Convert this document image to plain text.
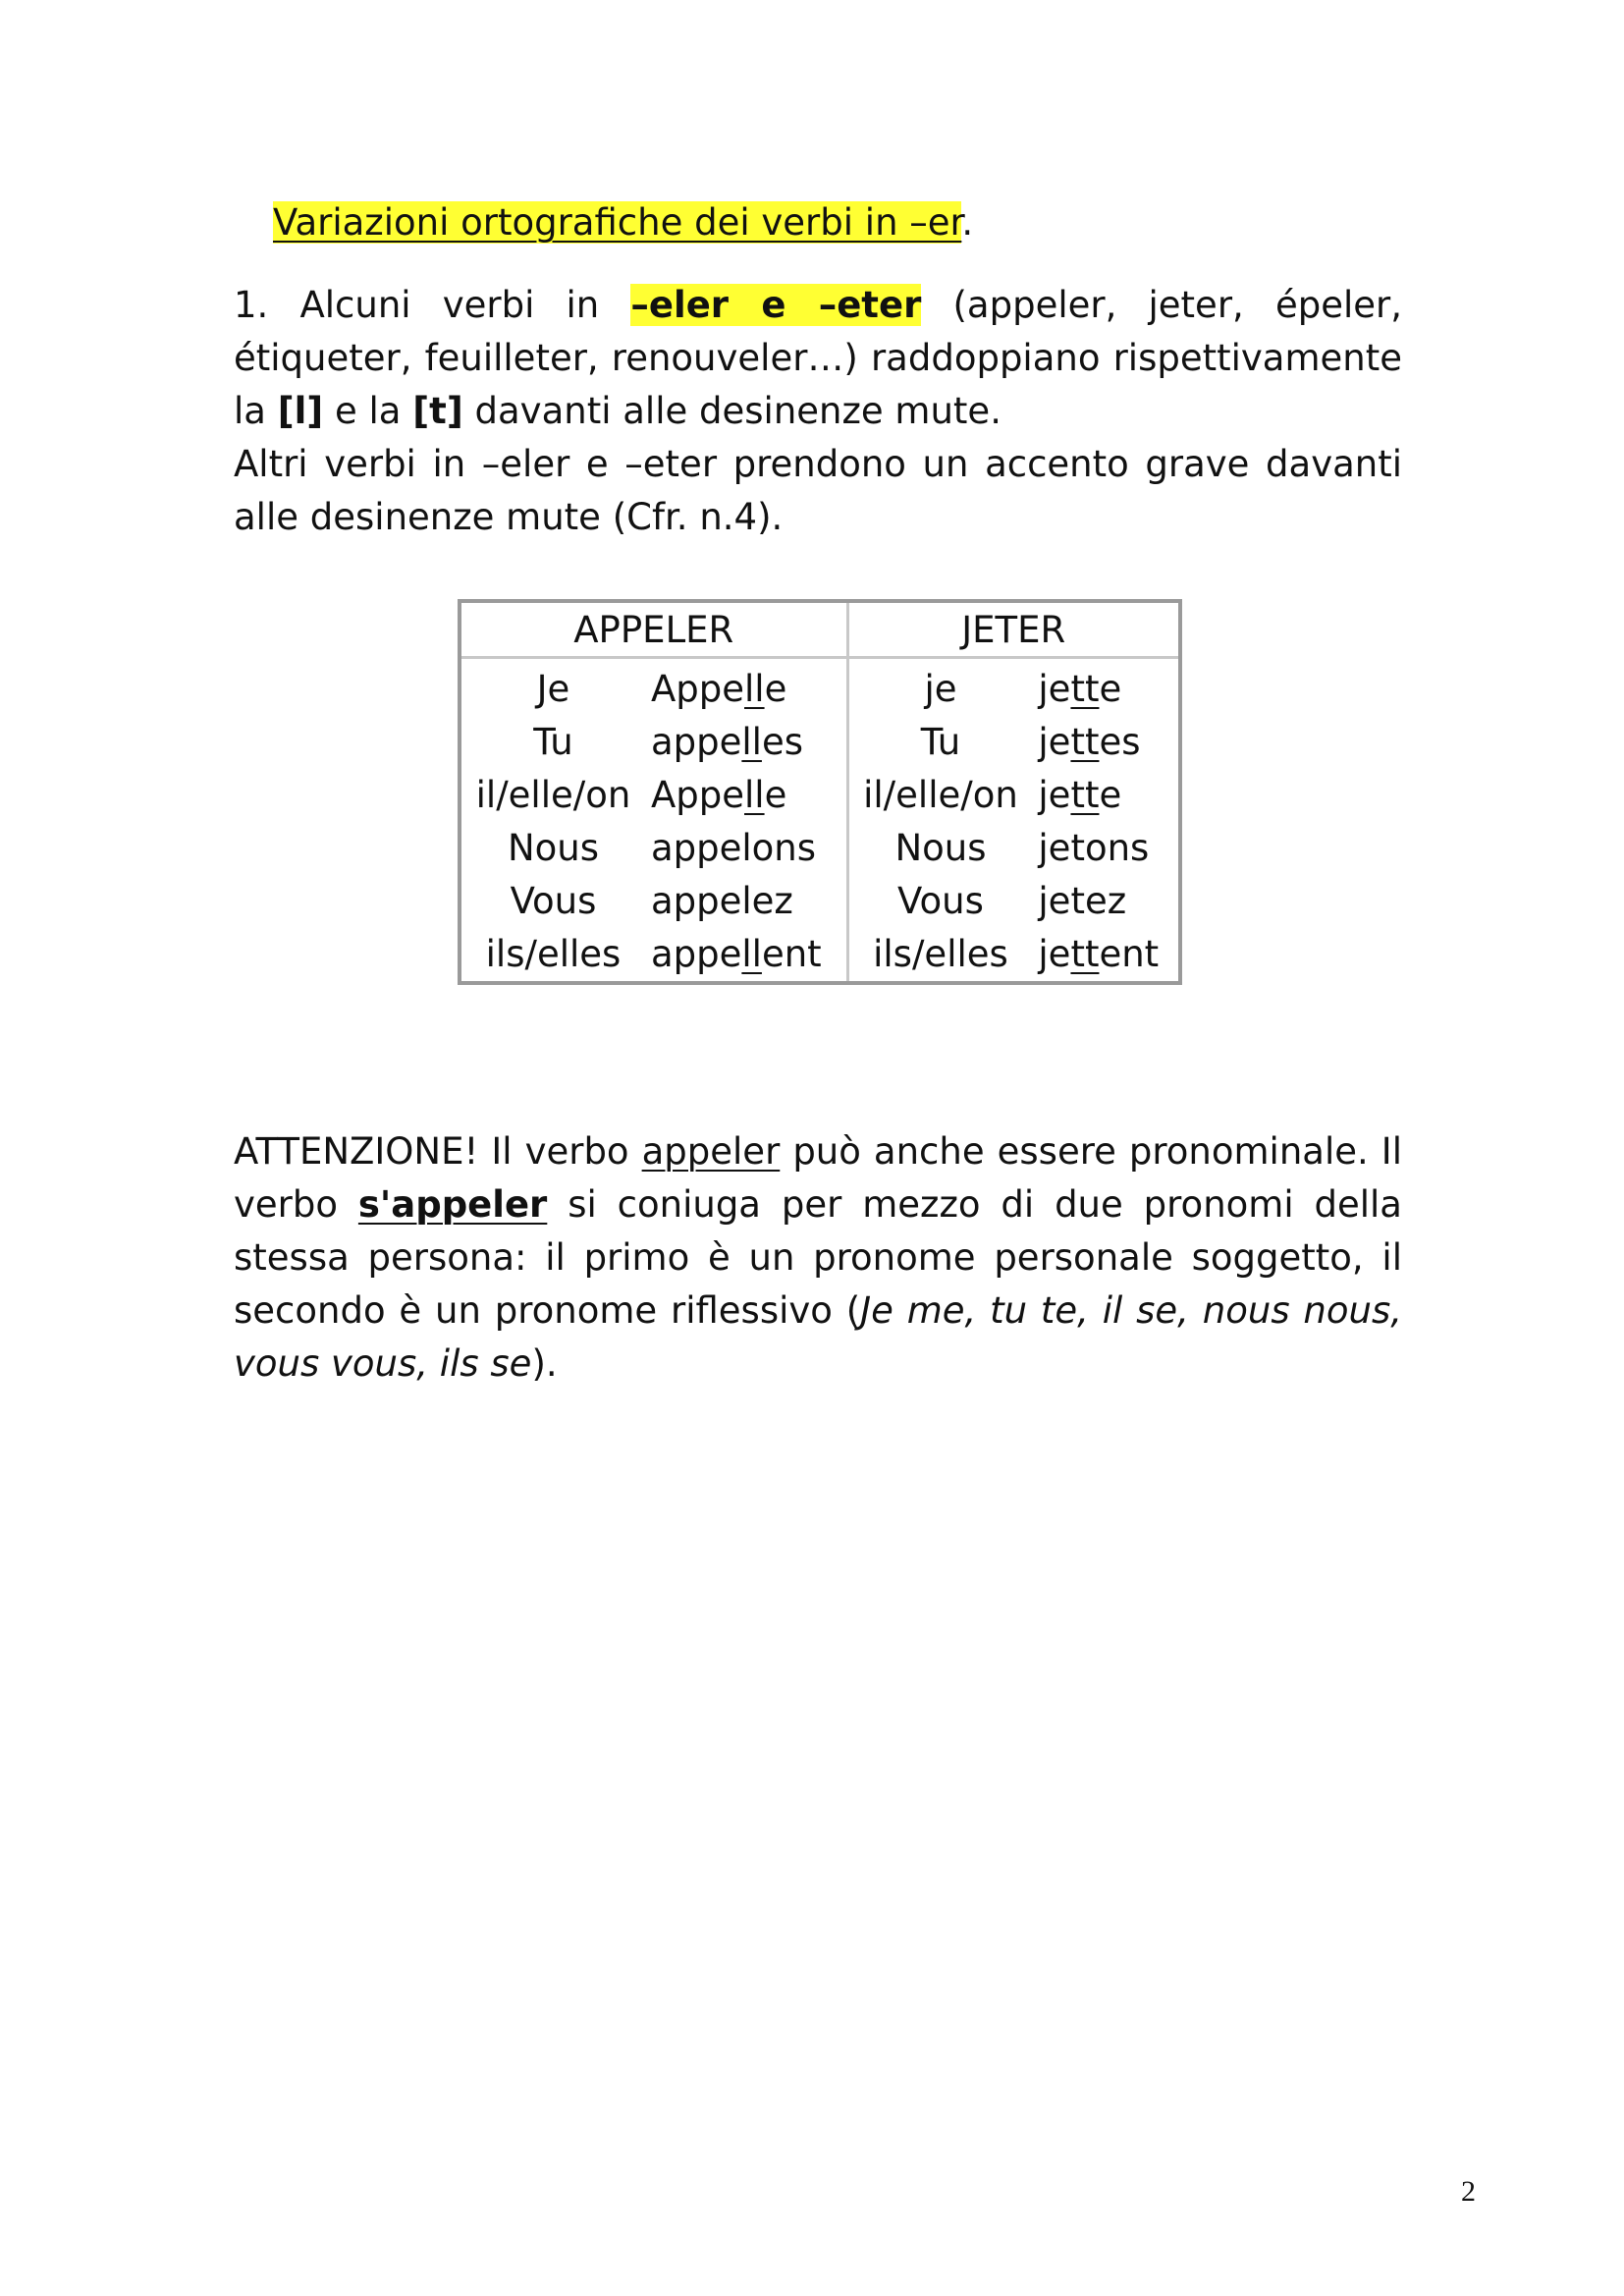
Variazioni ortografiche dei verbi in –er.
1. Alcuni verbi in –eler e –eter (appeler, jeter, épeler, étiqueter, feuilleter, renouveler…) raddoppiano rispettivamente la [l] e la [t] davanti alle desinenze mute.
Altri verbi in –eler e –eter prendono un accento grave davanti alle desinenze mute (Cfr. n.4).
APPELER		JETER	
Je	Appelle	je	jette
Tu	appelles	Tu	jettes
il/elle/on	Appelle	il/elle/on	jette
Nous	appelons	Nous	jetons
Vous	appelez	Vous	jetez
ils/elles	appellent	ils/elles	jettent
ATTENZIONE! Il verbo appeler può anche essere pronominale. Il verbo s'appeler si coniuga per mezzo di due pronomi della stessa persona: il primo è un pronome personale soggetto, il secondo è un pronome riflessivo (Je me, tu te, il se, nous nous, vous vous, ils se).
2
